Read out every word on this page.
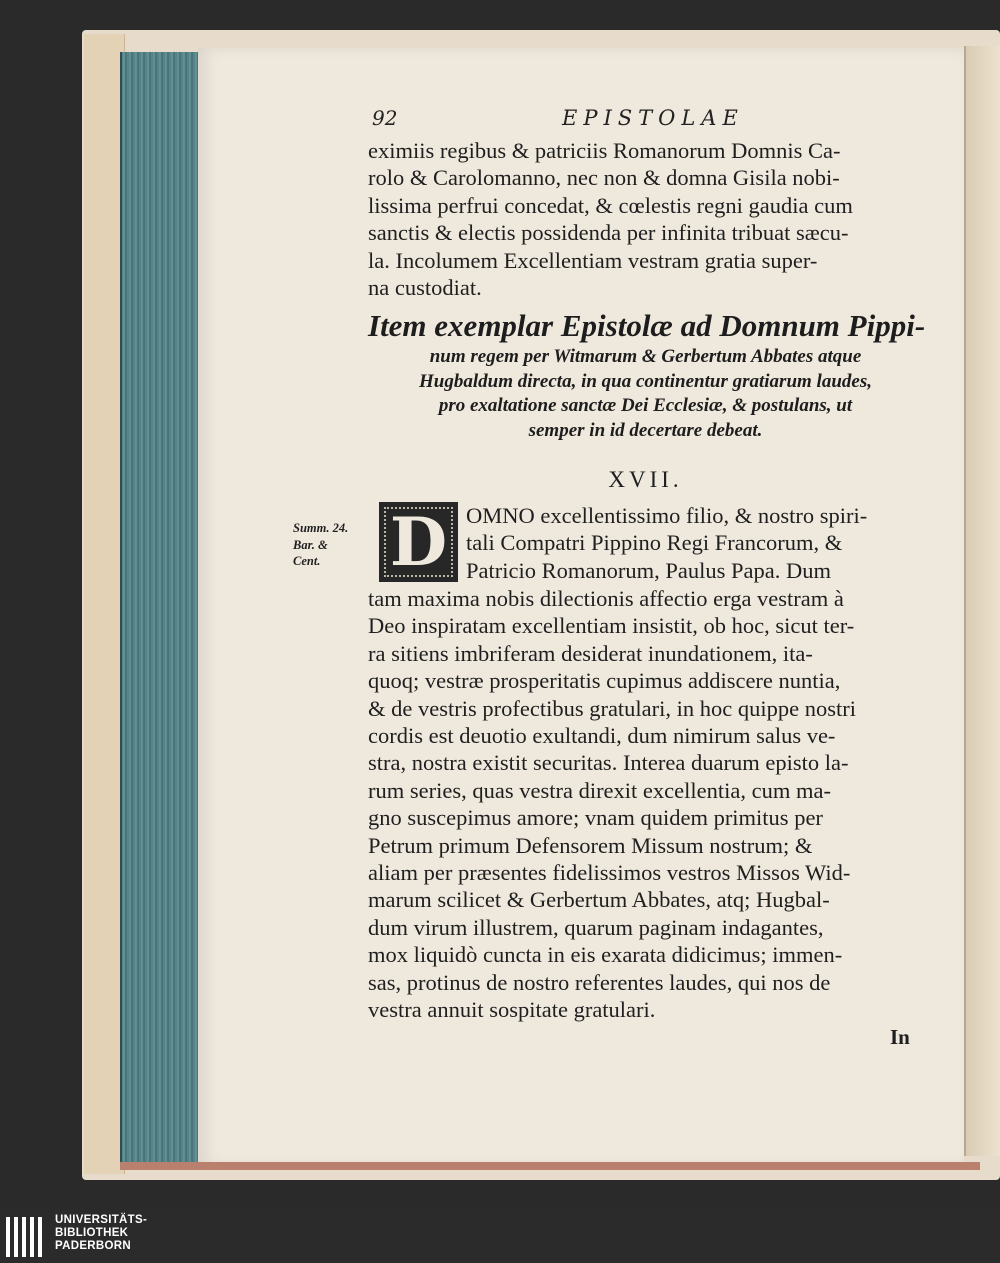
92	EPISTOLAE
eximiis regibus & patriciis Romanorum Domnis Ca-
rolo & Carolomanno, nec non & domna Gisila nobi-
lissima perfrui concedat, & cœlestis regni gaudia cum
sanctis & electis possidenda per infinita tribuat sæcu-
la. Incolumem Excellentiam vestram gratia super-
na custodiat.
Item exemplar Epistolæ ad Domnum Pippi-
num regem per Witmarum & Gerbertum Abbates atque
Hugbaldum directa, in qua continentur gratiarum laudes,
pro exaltatione sanctæ Dei Ecclesiæ, & postulans, ut
semper in id decertare debeat.
XVII.
Summ. 24.
Bar. &
Cent.	D OMNO excellentissimo filio, & nostro spiri-
tali Compatri Pippino Regi Francorum, &
Patricio Romanorum, Paulus Papa. Dum
tam maxima nobis dilectionis affectio erga vestram à
Deo inspiratam excellentiam insistit, ob hoc, sicut ter-
ra sitiens imbriferam desiderat inundationem, ita-
quoq; vestræ prosperitatis cupimus addiscere nuntia,
& de vestris profectibus gratulari, in hoc quippe nostri
cordis est deuotio exultandi, dum nimirum salus ve-
stra, nostra existit securitas. Interea duarum episto la-
rum series, quas vestra direxit excellentia, cum ma-
gno suscepimus amore; vnam quidem primitus per
Petrum primum Defensorem Missum nostrum; &
aliam per præsentes fidelissimos vestros Missos Wid-
marum scilicet & Gerbertum Abbates, atq; Hugbal-
dum virum illustrem, quarum paginam indagantes,
mox liquidò cuncta in eis exarata didicimus; immen-
sas, protinus de nostro referentes laudes, qui nos de
vestra annuit sospitate gratulari.
In
UNIVERSITÄTS-
BIBLIOTHEK
PADERBORN
